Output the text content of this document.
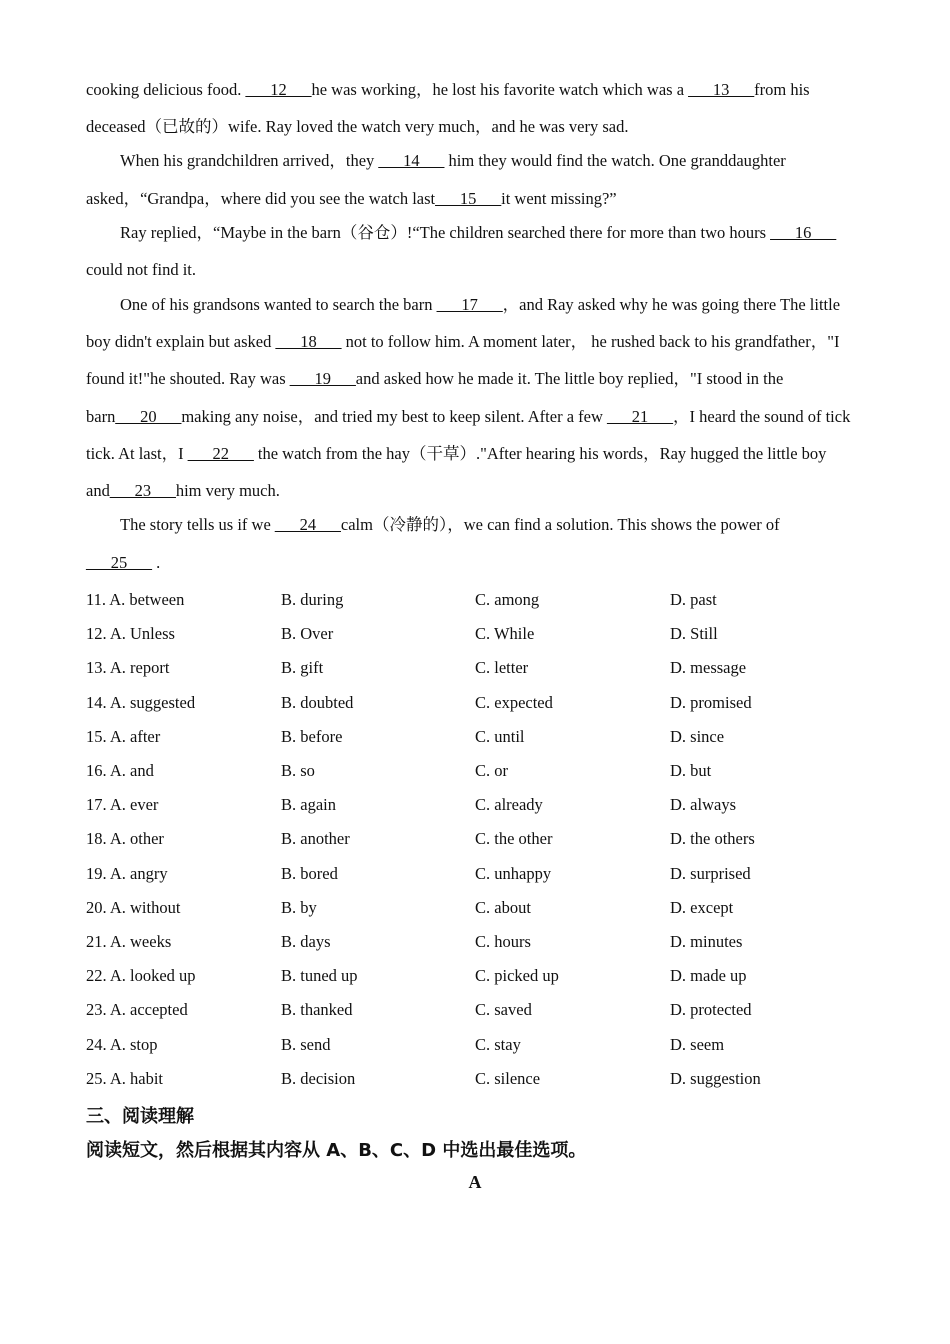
cooking delicious food. ___12___he was working，he lost his favorite watch which was a ___13___from his
deceased（已故的）wife. Ray loved the watch very much，and he was very sad.
When his grandchildren arrived，they ___14___ him they would find the watch. One granddaughter
asked，“Grandpa，where did you see the watch last___15___it went missing?”
Ray replied，“Maybe in the barn（谷仓）!“The children searched there for more than two hours ___16___
could not find it.
One of his grandsons wanted to search the barn ___17___，and Ray asked why he was going there The little
boy didn't explain but asked ___18___ not to follow him. A moment later， he rushed back to his grandfather，"I
found it!"he shouted. Ray was ___19___and asked how he made it. The little boy replied，"I stood in the
barn___20___making any noise，and tried my best to keep silent. After a few ___21___，I heard the sound of tick
tick. At last，I ___22___ the watch from the hay（干草）."After hearing his words，Ray hugged the little boy
and___23___him very much.
The story tells us if we ___24___calm（冷静的），we can find a solution. This shows the power of
___25___ .
11. A. between	B. during	C. among	D. past
12. A. Unless	B. Over	C. While	D. Still
13. A. report	B. gift	C. letter	D. message
14. A. suggested	B. doubted	C. expected	D. promised
15. A. after	B. before	C. until	D. since
16. A. and	B. so	C. or	D. but
17. A. ever	B. again	C. already	D. always
18. A. other	B. another	C. the other	D. the others
19. A. angry	B. bored	C. unhappy	D. surprised
20. A. without	B. by	C. about	D. except
21. A. weeks	B. days	C. hours	D. minutes
22. A. looked up	B. tuned up	C. picked up	D. made up
23. A. accepted	B. thanked	C. saved	D. protected
24. A. stop	B. send	C. stay	D. seem
25. A. habit	B. decision	C. silence	D. suggestion
三、阅读理解
阅读短文，然后根据其内容从 A、B、C、D 中选出最佳选项。
A
